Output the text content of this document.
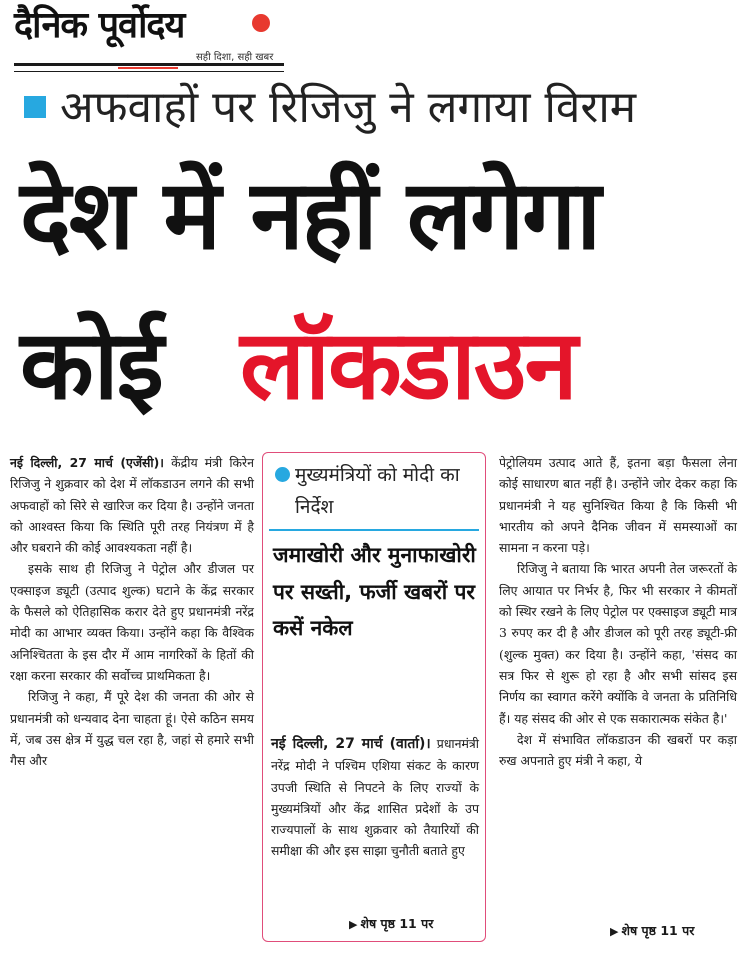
दैनिक पूर्वोदय
सही दिशा, सही खबर
अफवाहों पर रिजिजु ने लगाया विराम
देश में नहीं लगेगा
कोई लॉकडाउन

नई दिल्ली, 27 मार्च (एजेंसी)। केंद्रीय मंत्री किरेन रिजिजु ने शुक्रवार को देश में लॉकडाउन लगने की सभी अफवाहों को सिरे से खारिज कर दिया है। उन्होंने जनता को आश्वस्त किया कि स्थिति पूरी तरह नियंत्रण में है और घबराने की कोई आवश्यकता नहीं है।

इसके साथ ही रिजिजु ने पेट्रोल और डीजल पर एक्साइज ड्यूटी (उत्पाद शुल्क) घटाने के केंद्र सरकार के फैसले को ऐतिहासिक करार देते हुए प्रधानमंत्री नरेंद्र मोदी का आभार व्यक्त किया। उन्होंने कहा कि वैश्विक अनिश्चितता के इस दौर में आम नागरिकों के हितों की रक्षा करना सरकार की सर्वोच्च प्राथमिकता है।

रिजिजु ने कहा, मैं पूरे देश की जनता की ओर से प्रधानमंत्री को धन्यवाद देना चाहता हूं। ऐसे कठिन समय में, जब उस क्षेत्र में युद्ध चल रहा है, जहां से हमारे सभी गैस और

मुख्यमंत्रियों को मोदी का निर्देश
जमाखोरी और मुनाफाखोरी पर सख्ती, फर्जी खबरों पर कसें नकेल

नई दिल्ली, 27 मार्च (वार्ता)। प्रधानमंत्री नरेंद्र मोदी ने पश्चिम एशिया संकट के कारण उपजी स्थिति से निपटने के लिए राज्यों के मुख्यमंत्रियों और केंद्र शासित प्रदेशों के उप राज्यपालों के साथ शुक्रवार को तैयारियों की समीक्षा की और इस साझा चुनौती बताते हुए

▶ शेष पृष्ठ 11 पर

पेट्रोलियम उत्पाद आते हैं, इतना बड़ा फैसला लेना कोई साधारण बात नहीं है। उन्होंने जोर देकर कहा कि प्रधानमंत्री ने यह सुनिश्चित किया है कि किसी भी भारतीय को अपने दैनिक जीवन में समस्याओं का सामना न करना पड़े।

रिजिजु ने बताया कि भारत अपनी तेल जरूरतों के लिए आयात पर निर्भर है, फिर भी सरकार ने कीमतों को स्थिर रखने के लिए पेट्रोल पर एक्साइज ड्यूटी मात्र 3 रुपए कर दी है और डीजल को पूरी तरह ड्यूटी-फ्री (शुल्क मुक्त) कर दिया है। उन्होंने कहा, 'संसद का सत्र फिर से शुरू हो रहा है और सभी सांसद इस निर्णय का स्वागत करेंगे क्योंकि वे जनता के प्रतिनिधि हैं। यह संसद की ओर से एक सकारात्मक संकेत है।'

देश में संभावित लॉकडाउन की खबरों पर कड़ा रुख अपनाते हुए मंत्री ने कहा, ये

▶ शेष पृष्ठ 11 पर
